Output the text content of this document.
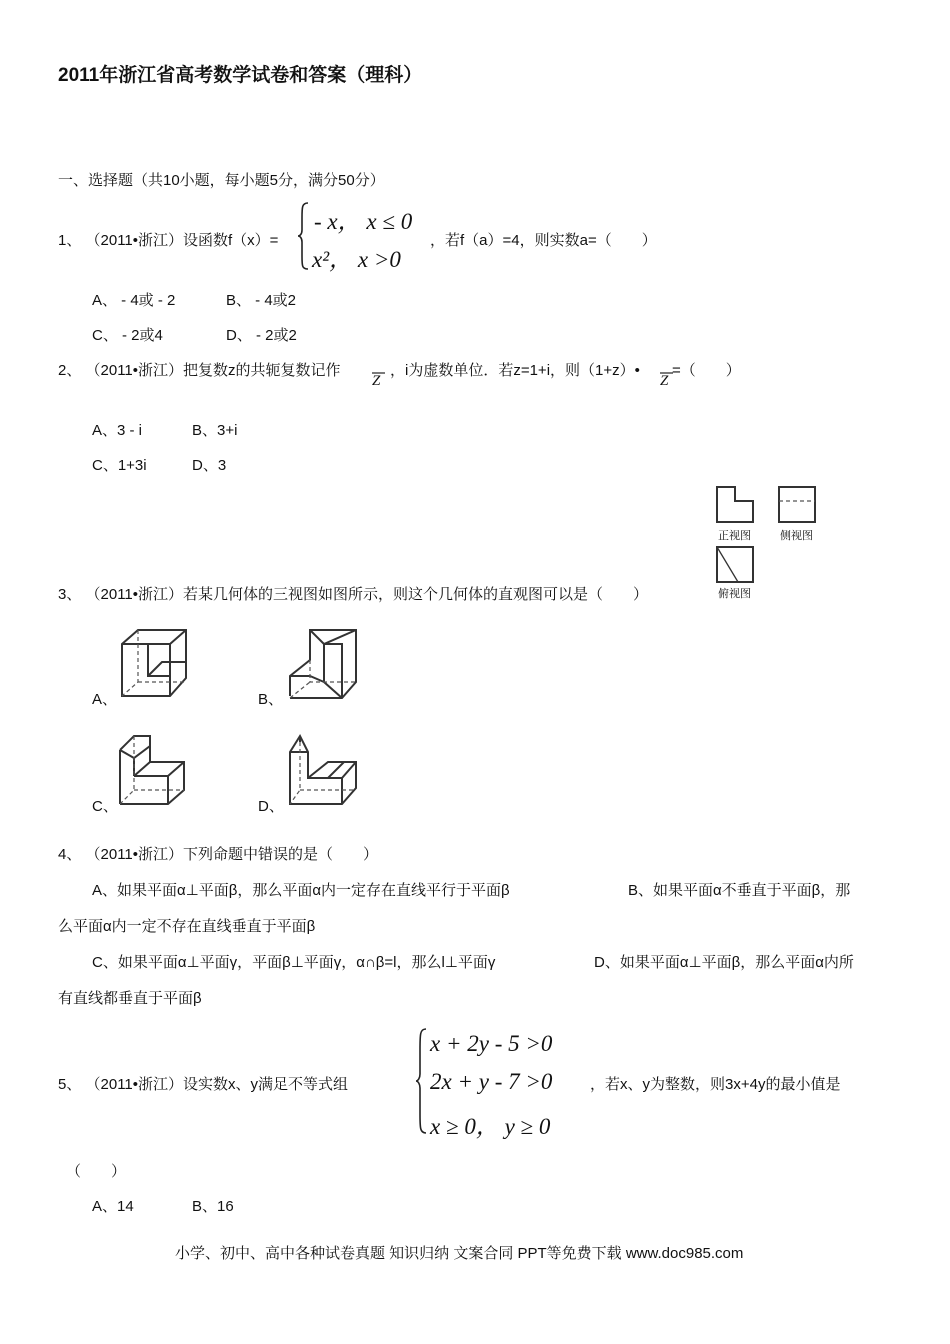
2011年浙江省高考数学试卷和答案（理科）
一、选择题（共10小题，每小题5分，满分50分）
1、 （2011•浙江）设函数f（x）=
- x， x ≤ 0
x²， x >0
，若f（a）=4，则实数a=（　　）
A、 - 4或 - 2	B、 - 4或2
C、 - 2或4	D、 - 2或2
2、 （2011•浙江）把复数z的共轭复数记作
Z
，i为虚数单位．若z=1+i，则（1+z）•
Z
=（　　）
A、3 - i	B、3+i
C、1+3i	D、3
正视图	侧视图
俯视图
3、 （2011•浙江）若某几何体的三视图如图所示，则这个几何体的直观图可以是（　　）
A、	B、
C、	D、
4、 （2011•浙江）下列命题中错误的是（　　）
A、如果平面α⊥平面β，那么平面α内一定存在直线平行于平面β	B、如果平面α不垂直于平面β，那
么平面α内一定不存在直线垂直于平面β
C、如果平面α⊥平面γ，平面β⊥平面γ，α∩β=l，那么l⊥平面γ	D、如果平面α⊥平面β，那么平面α内所
有直线都垂直于平面β
5、 （2011•浙江）设实数x、y满足不等式组
x + 2y - 5 >0
2x + y - 7 >0
x ≥ 0， y ≥ 0
，若x、y为整数，则3x+4y的最小值是
（　　）
A、14	B、16
小学、初中、高中各种试卷真题 知识归纳 文案合同 PPT等免费下载 www.doc985.com
